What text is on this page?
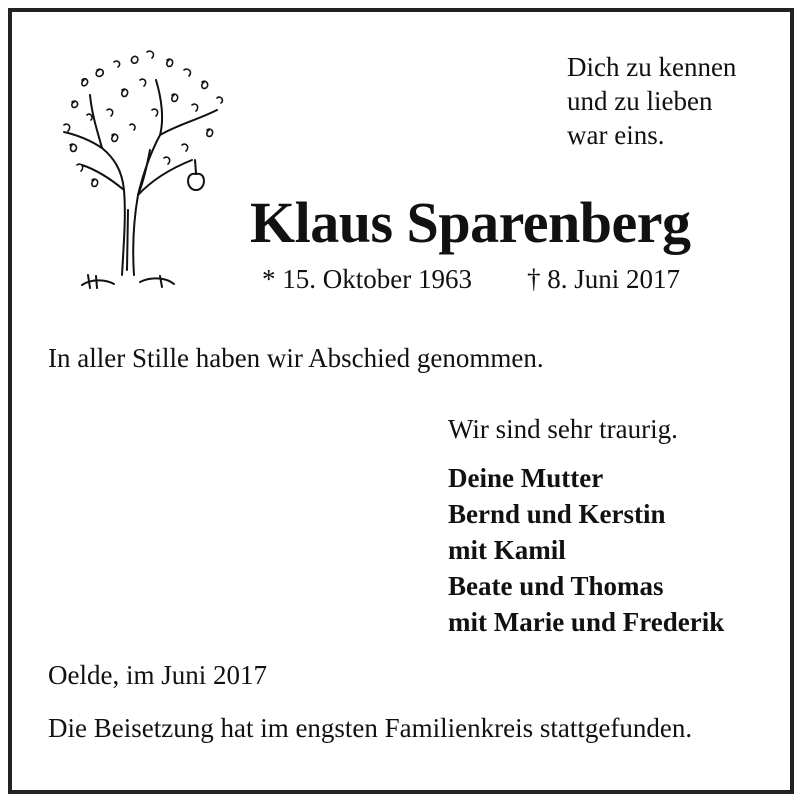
Dich zu kennen
und zu lieben
war eins.
Klaus Sparenberg
* 15. Oktober 1963 † 8. Juni 2017
In aller Stille haben wir Abschied genommen.
Wir sind sehr traurig.
Deine Mutter
Bernd und Kerstin
mit Kamil
Beate und Thomas
mit Marie und Frederik
Oelde, im Juni 2017
Die Beisetzung hat im engsten Familienkreis stattgefunden.
